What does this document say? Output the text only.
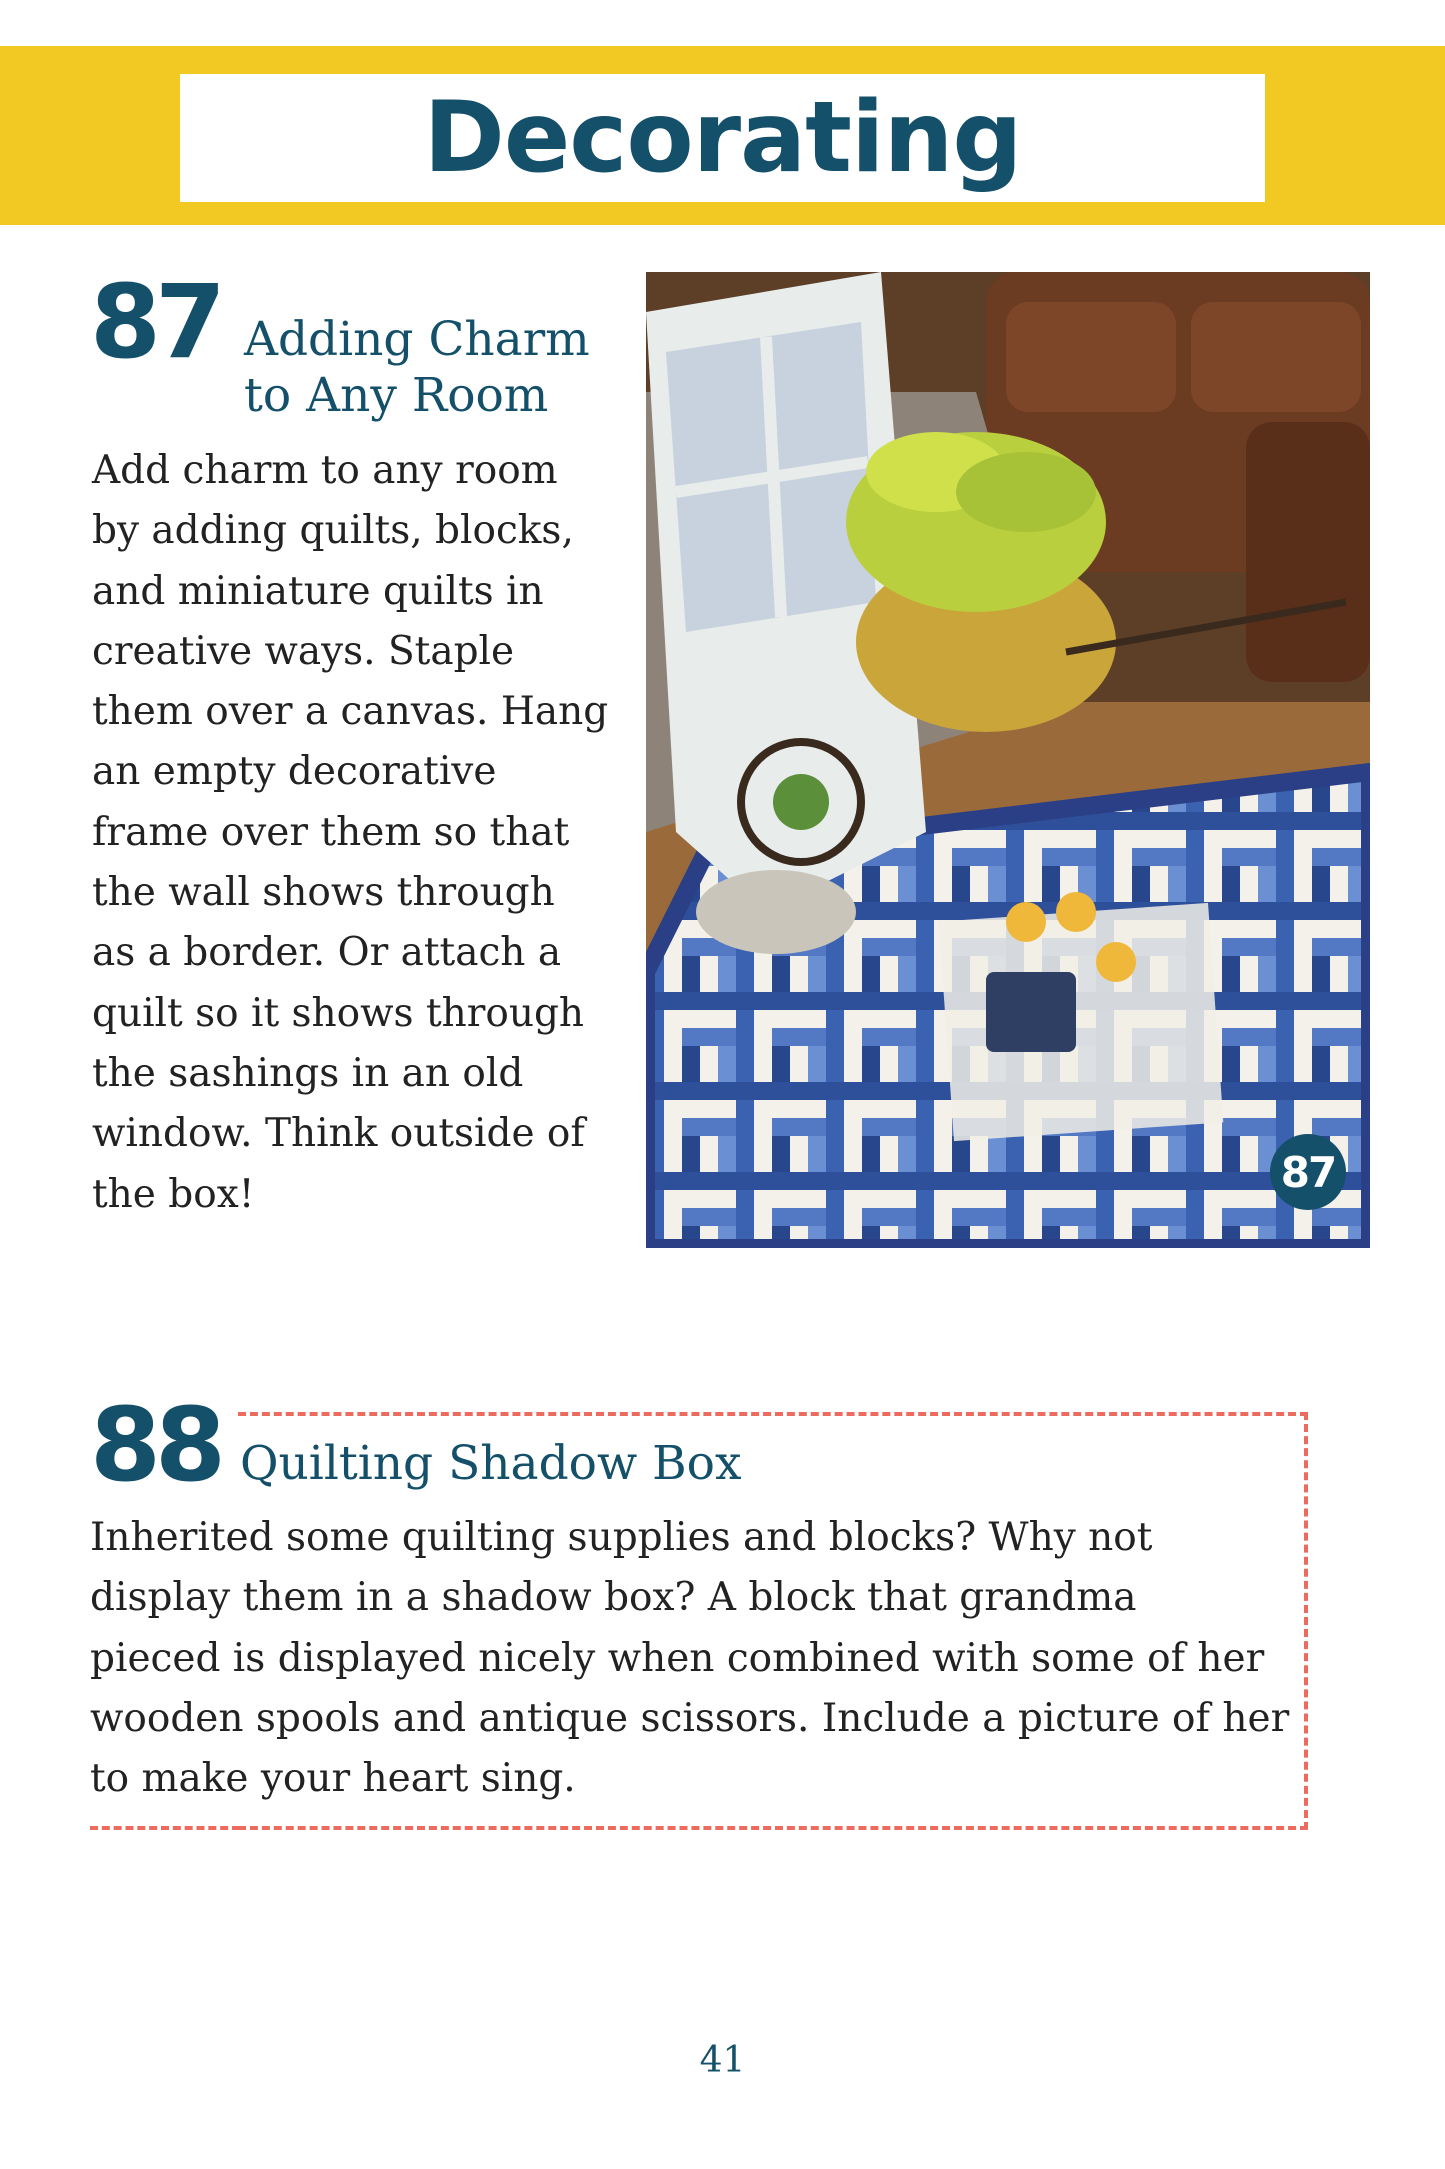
Decorating
87 Adding Charm
to Any Room
Add charm to any room
by adding quilts, blocks,
and miniature quilts in
creative ways. Staple
them over a canvas. Hang
an empty decorative
frame over them so that
the wall shows through
as a border. Or attach a
quilt so it shows through
the sashings in an old
window. Think outside of
the box!	87
88 Quilting Shadow Box
Inherited some quilting supplies and blocks? Why not
display them in a shadow box? A block that grandma
pieced is displayed nicely when combined with some of her
wooden spools and antique scissors. Include a picture of her
to make your heart sing.
41
